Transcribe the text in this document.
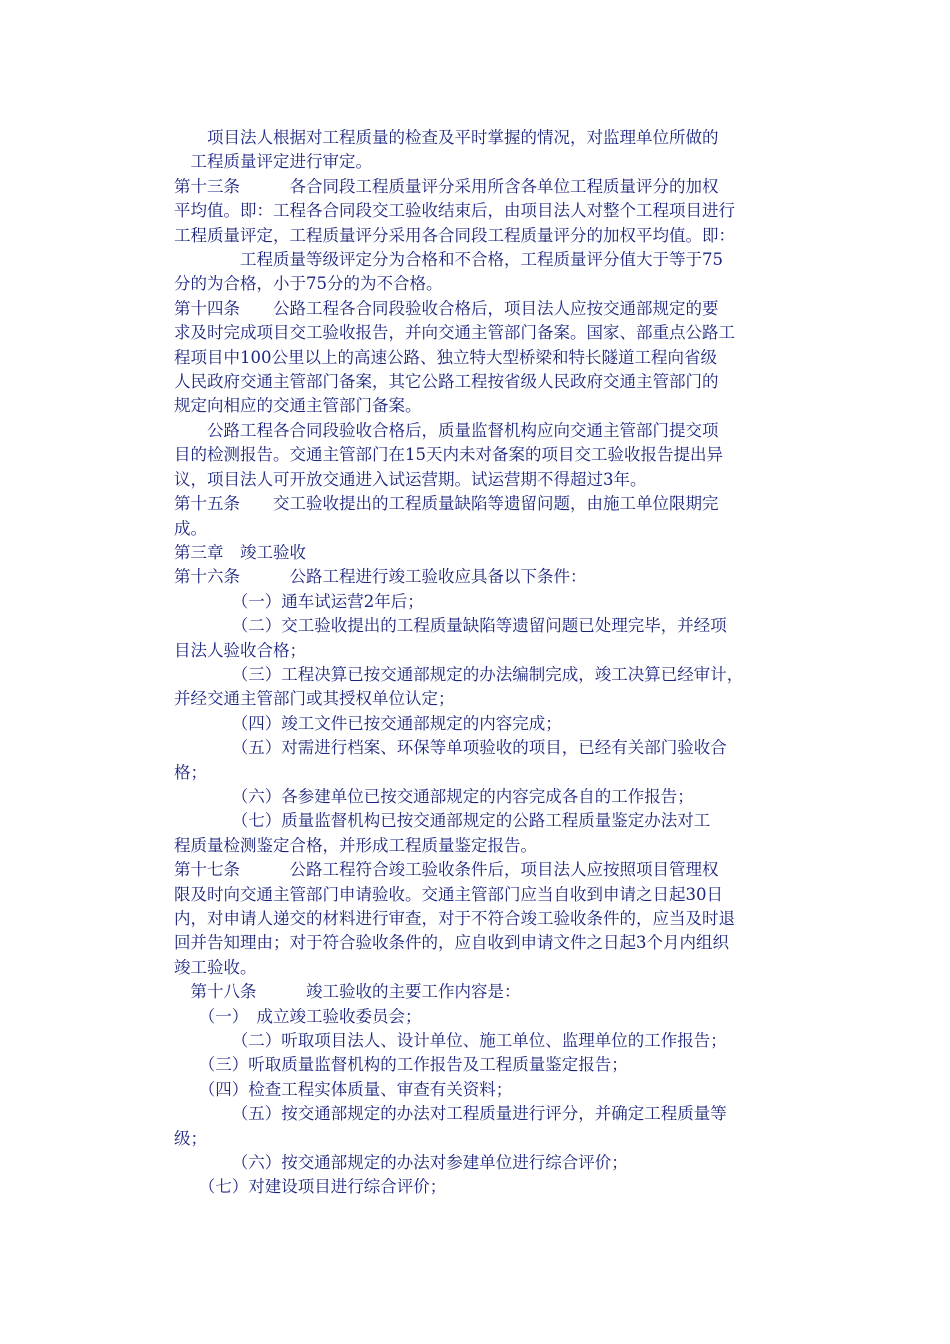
　　项目法人根据对工程质量的检查及平时掌握的情况，对监理单位所做的

　工程质量评定进行审定。

第十三条　　　各合同段工程质量评分采用所含各单位工程质量评分的加权

平均值。即：工程各合同段交工验收结束后，由项目法人对整个工程项目进行

工程质量评定，工程质量评分采用各合同段工程质量评分的加权平均值。即：

　　　　工程质量等级评定分为合格和不合格，工程质量评分值大于等于75

分的为合格，小于75分的为不合格。

第十四条　　公路工程各合同段验收合格后，项目法人应按交通部规定的要

求及时完成项目交工验收报告，并向交通主管部门备案。国家、部重点公路工

程项目中100公里以上的高速公路、独立特大型桥梁和特长隧道工程向省级

人民政府交通主管部门备案，其它公路工程按省级人民政府交通主管部门的

规定向相应的交通主管部门备案。

　　公路工程各合同段验收合格后，质量监督机构应向交通主管部门提交项

目的检测报告。交通主管部门在15天内未对备案的项目交工验收报告提出异

议，项目法人可开放交通进入试运营期。试运营期不得超过3年。

第十五条　　交工验收提出的工程质量缺陷等遗留问题，由施工单位限期完

成。

第三章　竣工验收

第十六条　　　公路工程进行竣工验收应具备以下条件：

　　　　（一）通车试运营2年后；

　　　　（二）交工验收提出的工程质量缺陷等遗留问题已处理完毕，并经项

目法人验收合格；

　　　　（三）工程决算已按交通部规定的办法编制完成，竣工决算已经审计，

并经交通主管部门或其授权单位认定；

　　　　（四）竣工文件已按交通部规定的内容完成；

　　　　（五）对需进行档案、环保等单项验收的项目，已经有关部门验收合

格；

　　　　（六）各参建单位已按交通部规定的内容完成各自的工作报告；

　　　　（七）质量监督机构已按交通部规定的公路工程质量鉴定办法对工

程质量检测鉴定合格，并形成工程质量鉴定报告。

第十七条　　　公路工程符合竣工验收条件后，项目法人应按照项目管理权

限及时向交通主管部门申请验收。交通主管部门应当自收到申请之日起30日

内，对申请人递交的材料进行审查，对于不符合竣工验收条件的，应当及时退

回并告知理由；对于符合验收条件的，应自收到申请文件之日起3个月内组织

竣工验收。

　第十八条　　　竣工验收的主要工作内容是：

　　（一）　成立竣工验收委员会；

　　　　（二）听取项目法人、设计单位、施工单位、监理单位的工作报告；

　　（三）听取质量监督机构的工作报告及工程质量鉴定报告；

　　（四）检查工程实体质量、审查有关资料；

　　　　（五）按交通部规定的办法对工程质量进行评分，并确定工程质量等

级；

　　　　（六）按交通部规定的办法对参建单位进行综合评价；

　　（七）对建设项目进行综合评价；
